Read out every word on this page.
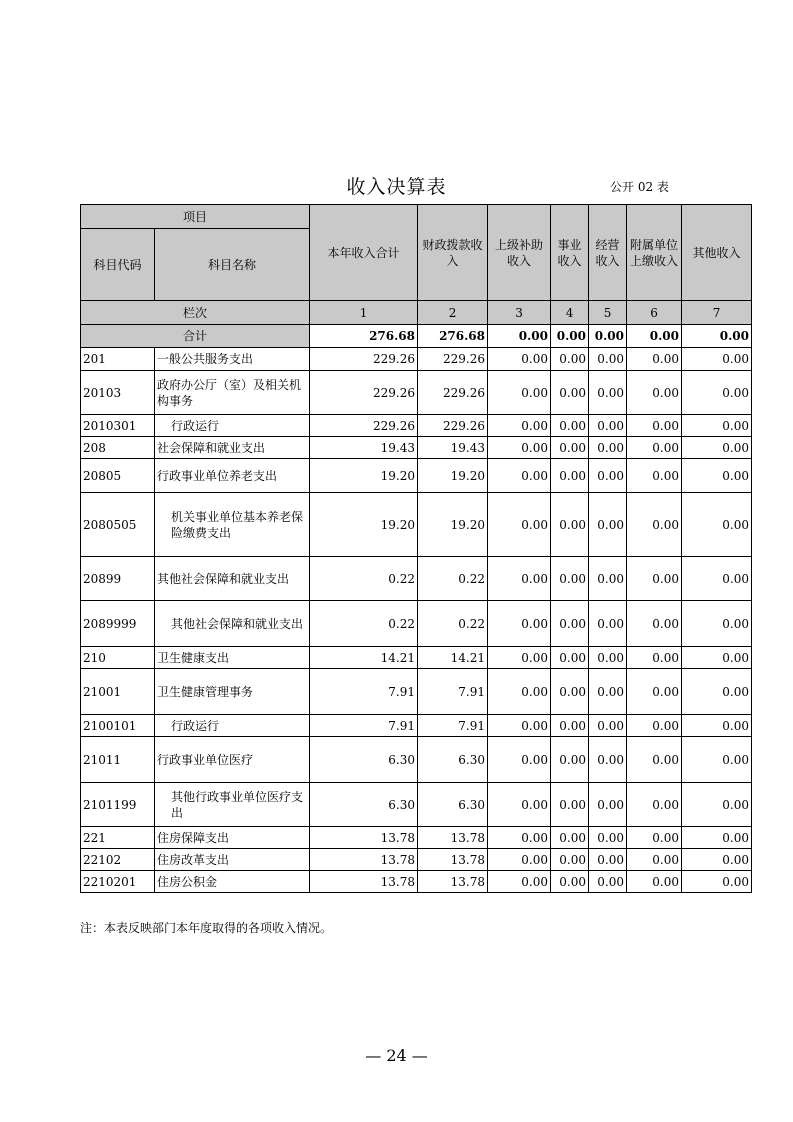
收入决算表	公开 02 表
项目		本年收入合计	财政拨款收入	上级补助收入	事业收入	经营收入	附属单位上缴收入	其他收入
科目代码	科目名称							
栏次		1	2	3	4	5	6	7
合计		276.68	276.68	0.00	0.00	0.00	0.00	0.00
201	一般公共服务支出	229.26	229.26	0.00	0.00	0.00	0.00	0.00
20103	政府办公厅（室）及相关机构事务	229.26	229.26	0.00	0.00	0.00	0.00	0.00
2010301	行政运行	229.26	229.26	0.00	0.00	0.00	0.00	0.00
208	社会保障和就业支出	19.43	19.43	0.00	0.00	0.00	0.00	0.00
20805	行政事业单位养老支出	19.20	19.20	0.00	0.00	0.00	0.00	0.00
2080505	机关事业单位基本养老保险缴费支出	19.20	19.20	0.00	0.00	0.00	0.00	0.00
20899	其他社会保障和就业支出	0.22	0.22	0.00	0.00	0.00	0.00	0.00
2089999	其他社会保障和就业支出	0.22	0.22	0.00	0.00	0.00	0.00	0.00
210	卫生健康支出	14.21	14.21	0.00	0.00	0.00	0.00	0.00
21001	卫生健康管理事务	7.91	7.91	0.00	0.00	0.00	0.00	0.00
2100101	行政运行	7.91	7.91	0.00	0.00	0.00	0.00	0.00
21011	行政事业单位医疗	6.30	6.30	0.00	0.00	0.00	0.00	0.00
2101199	其他行政事业单位医疗支出	6.30	6.30	0.00	0.00	0.00	0.00	0.00
221	住房保障支出	13.78	13.78	0.00	0.00	0.00	0.00	0.00
22102	住房改革支出	13.78	13.78	0.00	0.00	0.00	0.00	0.00
2210201	住房公积金	13.78	13.78	0.00	0.00	0.00	0.00	0.00
注：本表反映部门本年度取得的各项收入情况。
— 24 —
